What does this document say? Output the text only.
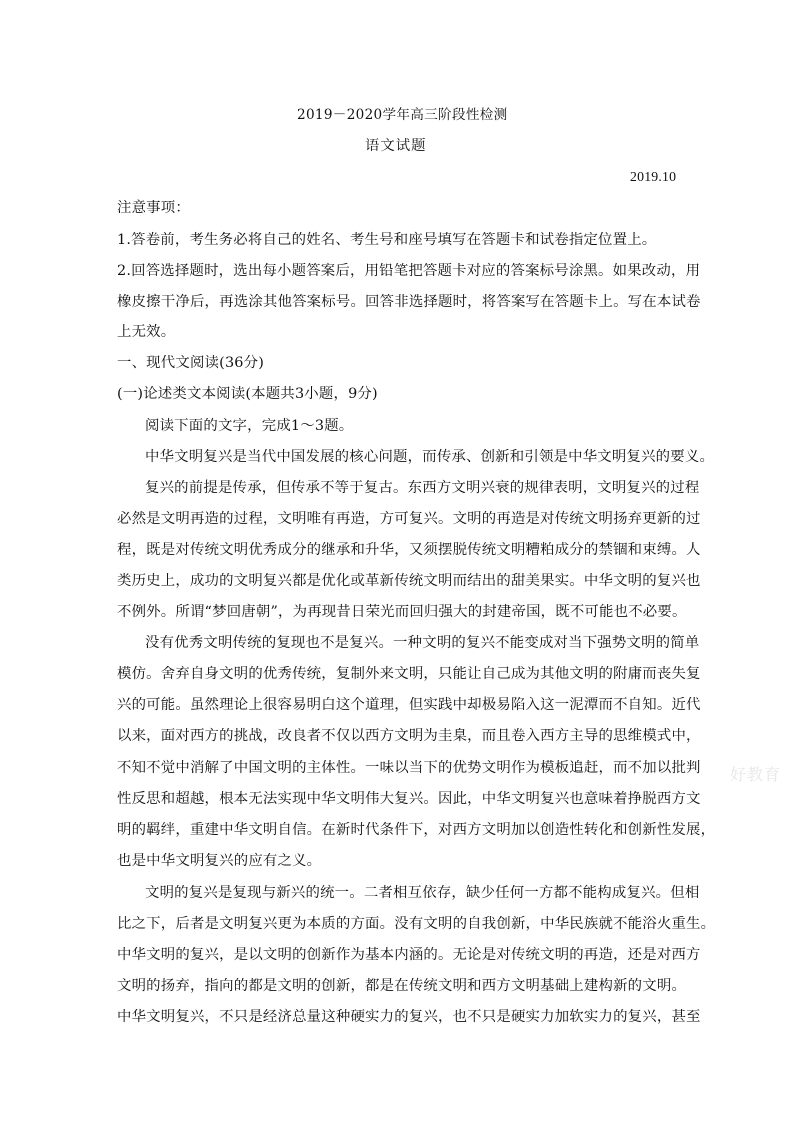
2019－2020学年高三阶段性检测
语文试题
2019.10
注意事项：
1.答卷前，考生务必将自己的姓名、考生号和座号填写在答题卡和试卷指定位置上。
2.回答选择题时，选出每小题答案后，用铅笔把答题卡对应的答案标号涂黑。如果改动，用
橡皮擦干净后，再选涂其他答案标号。回答非选择题时，将答案写在答题卡上。写在本试卷
上无效。
一、现代文阅读(36分)
(一)论述类文本阅读(本题共3小题，9分)
阅读下面的文字，完成1～3题。
中华文明复兴是当代中国发展的核心问题，而传承、创新和引领是中华文明复兴的要义。
复兴的前提是传承，但传承不等于复古。东西方文明兴衰的规律表明，文明复兴的过程
必然是文明再造的过程，文明唯有再造，方可复兴。文明的再造是对传统文明扬弃更新的过
程，既是对传统文明优秀成分的继承和升华，又须摆脱传统文明糟粕成分的禁锢和束缚。人
类历史上，成功的文明复兴都是优化或革新传统文明而结出的甜美果实。中华文明的复兴也
不例外。所谓“梦回唐朝”，为再现昔日荣光而回归强大的封建帝国，既不可能也不必要。
没有优秀文明传统的复现也不是复兴。一种文明的复兴不能变成对当下强势文明的简单
模仿。舍弃自身文明的优秀传统，复制外来文明，只能让自己成为其他文明的附庸而丧失复
兴的可能。虽然理论上很容易明白这个道理，但实践中却极易陷入这一泥潭而不自知。近代
以来，面对西方的挑战，改良者不仅以西方文明为圭臬，而且卷入西方主导的思维模式中，
不知不觉中消解了中国文明的主体性。一味以当下的优势文明作为模板追赶，而不加以批判
性反思和超越，根本无法实现中华文明伟大复兴。因此，中华文明复兴也意味着挣脱西方文
明的羁绊，重建中华文明自信。在新时代条件下，对西方文明加以创造性转化和创新性发展，
也是中华文明复兴的应有之义。
文明的复兴是复现与新兴的统一。二者相互依存，缺少任何一方都不能构成复兴。但相
比之下，后者是文明复兴更为本质的方面。没有文明的自我创新，中华民族就不能浴火重生。
中华文明的复兴，是以文明的创新作为基本内涵的。无论是对传统文明的再造，还是对西方
文明的扬弃，指向的都是文明的创新，都是在传统文明和西方文明基础上建构新的文明。
中华文明复兴，不只是经济总量这种硬实力的复兴，也不只是硬实力加软实力的复兴，甚至
好教育
